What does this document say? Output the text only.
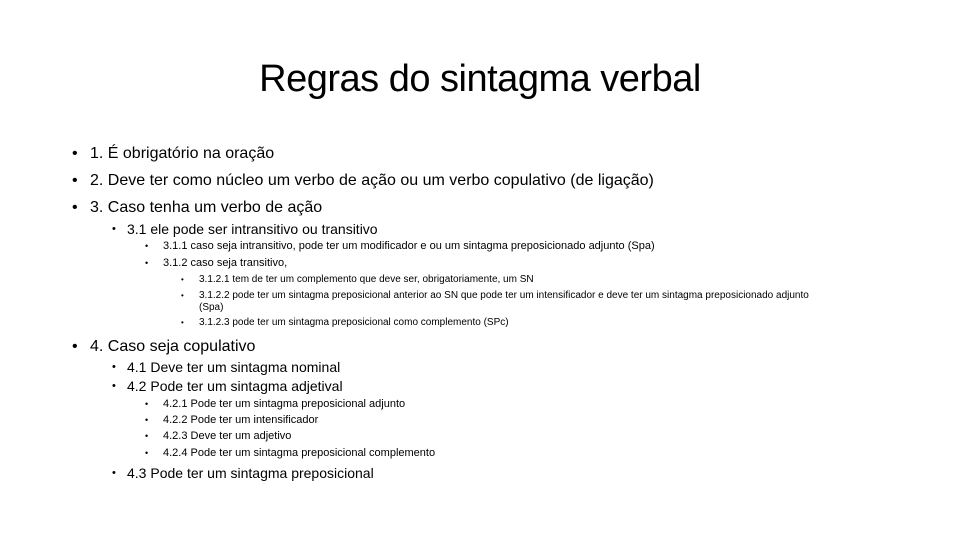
Regras do sintagma verbal
• 1. É obrigatório na oração
• 2. Deve ter como núcleo um verbo de ação ou um verbo copulativo (de ligação)
• 3. Caso tenha um verbo de ação
• 3.1 ele pode ser intransitivo ou transitivo
• 3.1.1 caso seja intransitivo, pode ter um modificador e ou um sintagma preposicionado adjunto (Spa)
• 3.1.2 caso seja transitivo,
• 3.1.2.1 tem de ter um complemento que deve ser, obrigatoriamente, um SN
• 3.1.2.2 pode ter um sintagma preposicional anterior ao SN que pode ter um intensificador e deve ter um sintagma preposicionado adjunto (Spa)
• 3.1.2.3 pode ter um sintagma preposicional como complemento (SPc)
• 4. Caso seja copulativo
• 4.1 Deve ter um sintagma nominal
• 4.2 Pode ter um sintagma adjetival
• 4.2.1 Pode ter um sintagma preposicional adjunto
• 4.2.2 Pode ter um intensificador
• 4.2.3 Deve ter um adjetivo
• 4.2.4 Pode ter um sintagma preposicional complemento
• 4.3 Pode ter um sintagma preposicional
